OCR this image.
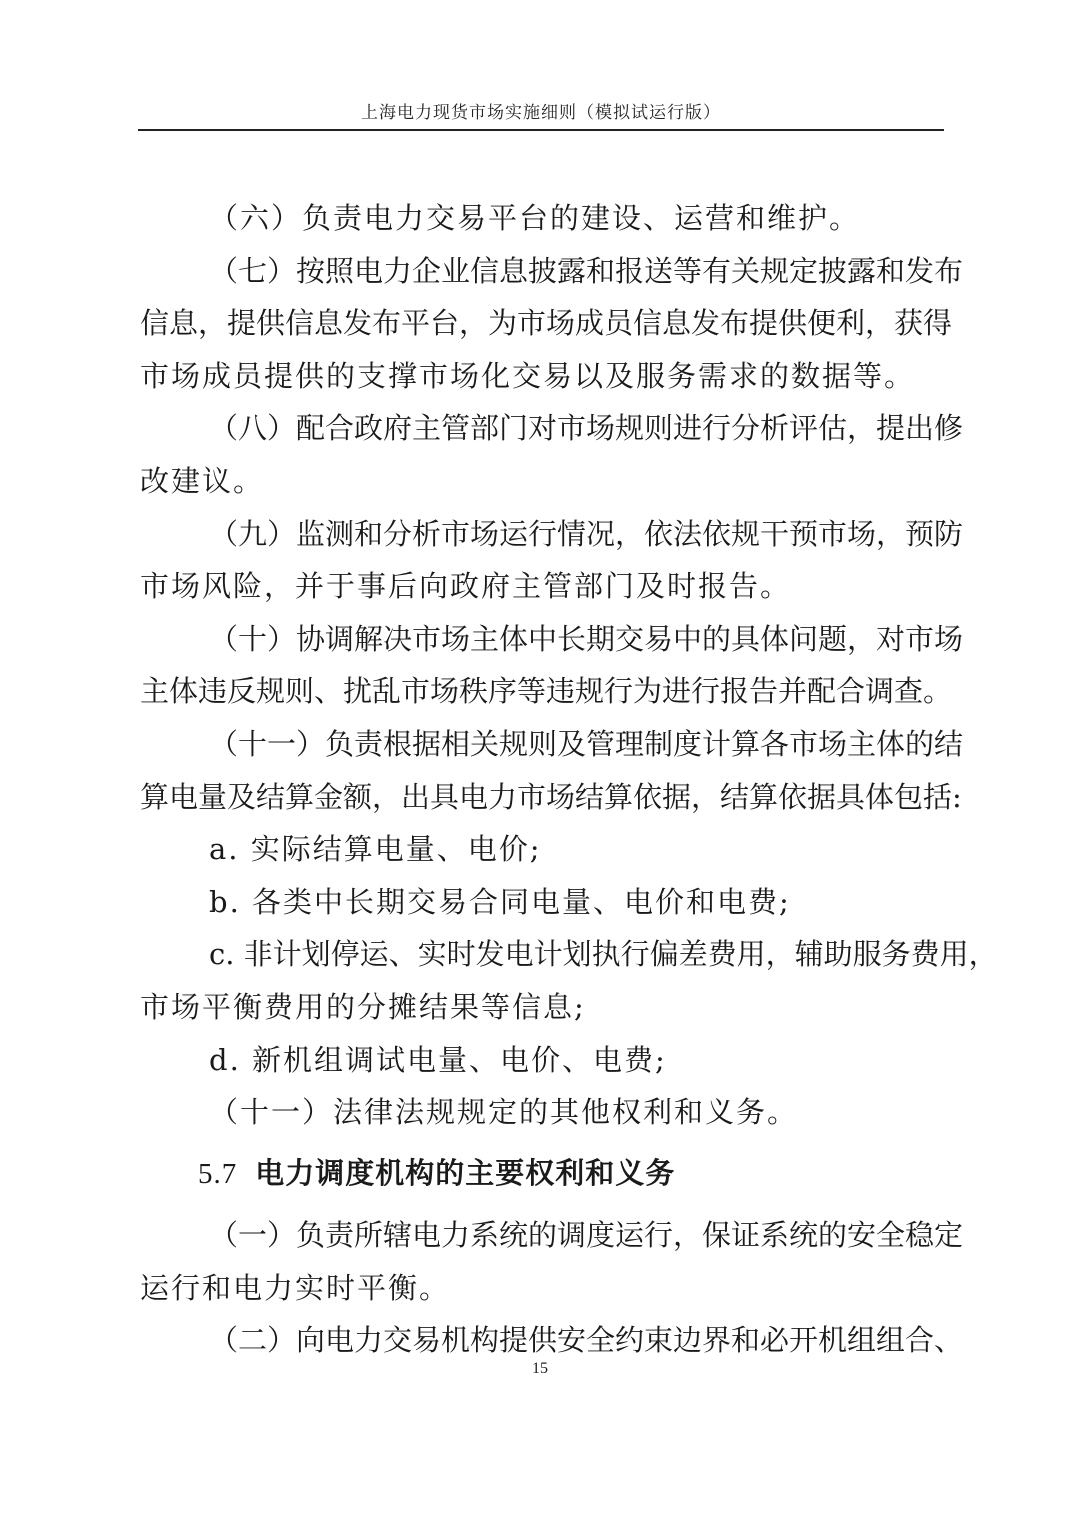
上海电力现货市场实施细则（模拟试运行版）
（六）负责电力交易平台的建设、运营和维护。
（七）按照电力企业信息披露和报送等有关规定披露和发布
信息，提供信息发布平台，为市场成员信息发布提供便利，获得
市场成员提供的支撑市场化交易以及服务需求的数据等。
（八）配合政府主管部门对市场规则进行分析评估，提出修
改建议。
（九）监测和分析市场运行情况，依法依规干预市场，预防
市场风险，并于事后向政府主管部门及时报告。
（十）协调解决市场主体中长期交易中的具体问题，对市场
主体违反规则、扰乱市场秩序等违规行为进行报告并配合调查。
（十一）负责根据相关规则及管理制度计算各市场主体的结
算电量及结算金额，出具电力市场结算依据，结算依据具体包括:
a. 实际结算电量、电价;
b. 各类中长期交易合同电量、电价和电费;
c. 非计划停运、实时发电计划执行偏差费用，辅助服务费用，
市场平衡费用的分摊结果等信息;
d. 新机组调试电量、电价、电费;
（十一）法律法规规定的其他权利和义务。
5.7 电力调度机构的主要权利和义务
（一）负责所辖电力系统的调度运行，保证系统的安全稳定
运行和电力实时平衡。
（二）向电力交易机构提供安全约束边界和必开机组组合、
15
